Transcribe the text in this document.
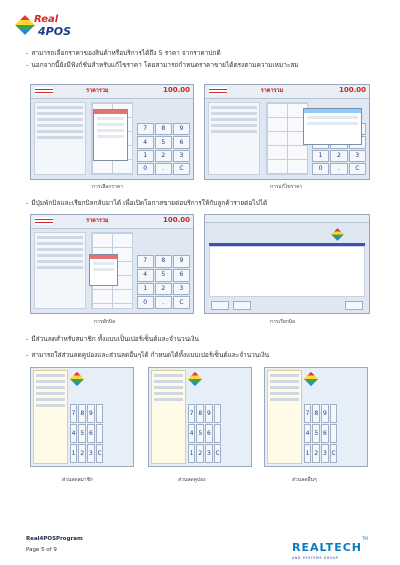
Real
4POS
- สามารถเลือกราคาของสินค้าหรือบริการได้ถึง 5 ราคา จากราคาปกติ
- นอกจากนี้ยังมีฟังก์ชันสำหรับแก้ไขราคา โดยสามารถกำหนดราคาขายได้ตรงตามความเหมาะสม
ราคารวม	100.00
7	8	9
4	5	6
1	2	3
0	.	C
การเลือกราคา
ราคารวม	100.00
1	2	3
0	.	C
การแก้ไขราคา
- มีปุ่มพักบิลและเรียกบิลกลับมาได้ เพื่อเปิดโอกาสขายต่อบริการให้กับลูกค้ารายต่อไปได้
ราคารวม	100.00
7	8	9
4	5	6
1	2	3
0	.	C
การพักบิล	การเรียกบิล
- มีส่วนลดสำหรับสมาชิก ทั้งแบบเป็นเปอร์เซ็นต์และจำนวนเงิน
- สามารถใส่ส่วนลดคูปองและส่วนลดอื่นๆได้ กำหนดได้ทั้งแบบเปอร์เซ็นต์และจำนวนเงิน
7 8 9
4 5 6
1 2 3 C
ส่วนลดสมาชิก
7 8 9
4 5 6
1 2 3 C
ส่วนลดคูปอง
7 8 9
4 5 6
1 2 3 C
ส่วนลดอื่นๆ
Real4POSProgram
Page 5 of 9	REALTECH™
AND SYSTEMS GROUP
